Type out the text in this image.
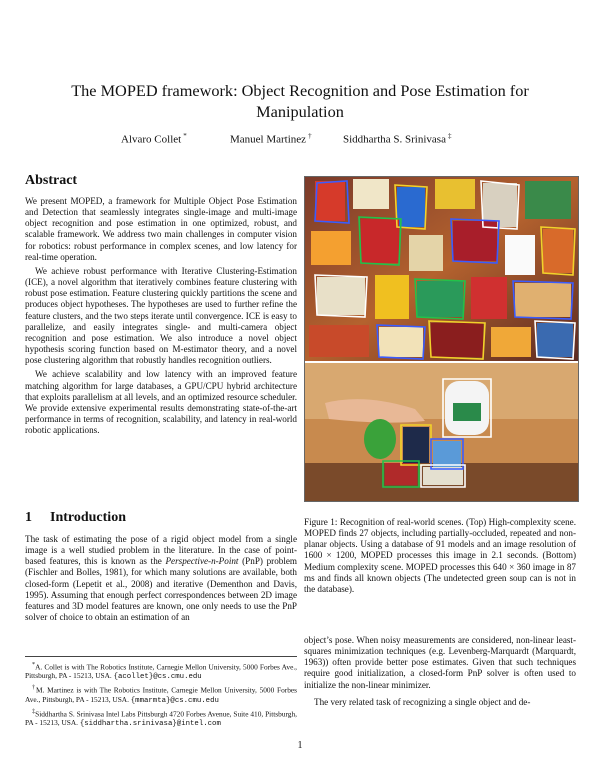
The MOPED framework: Object Recognition and Pose Estimation for
Manipulation
Alvaro Collet *	Manuel Martinez †	Siddhartha S. Srinivasa ‡
Abstract

We present MOPED, a framework for Multiple Object Pose Estimation and Detection that seamlessly integrates single-image and multi-image object recognition and pose estimation in one optimized, robust, and scalable framework. We address two main challenges in computer vision for robotics: robust performance in complex scenes, and low latency for real-time operation.

We achieve robust performance with Iterative Clustering-Estimation (ICE), a novel algorithm that iteratively combines feature clustering with robust pose estimation. Feature clustering quickly partitions the scene and produces object hypotheses. The hypotheses are used to further refine the feature clusters, and the two steps iterate until convergence. ICE is easy to parallelize, and easily integrates single- and multi-camera object recognition and pose estimation. We also introduce a novel object hypothesis scoring function based on M-estimator theory, and a novel pose clustering algorithm that robustly handles recognition outliers.

We achieve scalability and low latency with an improved feature matching algorithm for large databases, a GPU/CPU hybrid architecture that exploits parallelism at all levels, and an optimized resource scheduler. We provide extensive experimental results demonstrating state-of-the-art performance in terms of recognition, scalability, and latency in real-world robotic applications.

1 Introduction

The task of estimating the pose of a rigid object model from a single image is a well studied problem in the literature. In the case of point-based features, this is known as the Perspective-n-Point (PnP) problem (Fischler and Bolles, 1981), for which many solutions are available, both closed-form (Lepetit et al., 2008) and iterative (Dementhon and Davis, 1995). Assuming that enough perfect correspondences between 2D image features and 3D model features are known, one only needs to use the PnP solver of choice to obtain an estimation of an

*A. Collet is with The Robotics Institute, Carnegie Mellon University, 5000 Forbes Ave., Pittsburgh, PA - 15213, USA. {acollet}@cs.cmu.edu

†M. Martinez is with The Robotics Institute, Carnegie Mellon University, 5000 Forbes Ave., Pittsburgh, PA - 15213, USA. {mmarmta}@cs.cmu.edu

‡Siddhartha S. Srinivasa Intel Labs Pittsburgh 4720 Forbes Avenue, Suite 410, Pittsburgh, PA - 15213, USA. {siddhartha.srinivasa}@intel.com

Figure 1: Recognition of real-world scenes. (Top) High-complexity scene. MOPED finds 27 objects, including partially-occluded, repeated and non-planar objects. Using a database of 91 models and an image resolution of 1600 × 1200, MOPED processes this image in 2.1 seconds. (Bottom) Medium complexity scene. MOPED processes this 640 × 360 image in 87 ms and finds all known objects (The undetected green soup can is not in the database).

object’s pose. When noisy measurements are considered, non-linear least-squares minimization techniques (e.g. Levenberg-Marquardt (Marquardt, 1963)) often provide better pose estimates. Given that such techniques require good initialization, a closed-form PnP solver is often used to initialize the non-linear minimizer.

The very related task of recognizing a single object and de-

1
